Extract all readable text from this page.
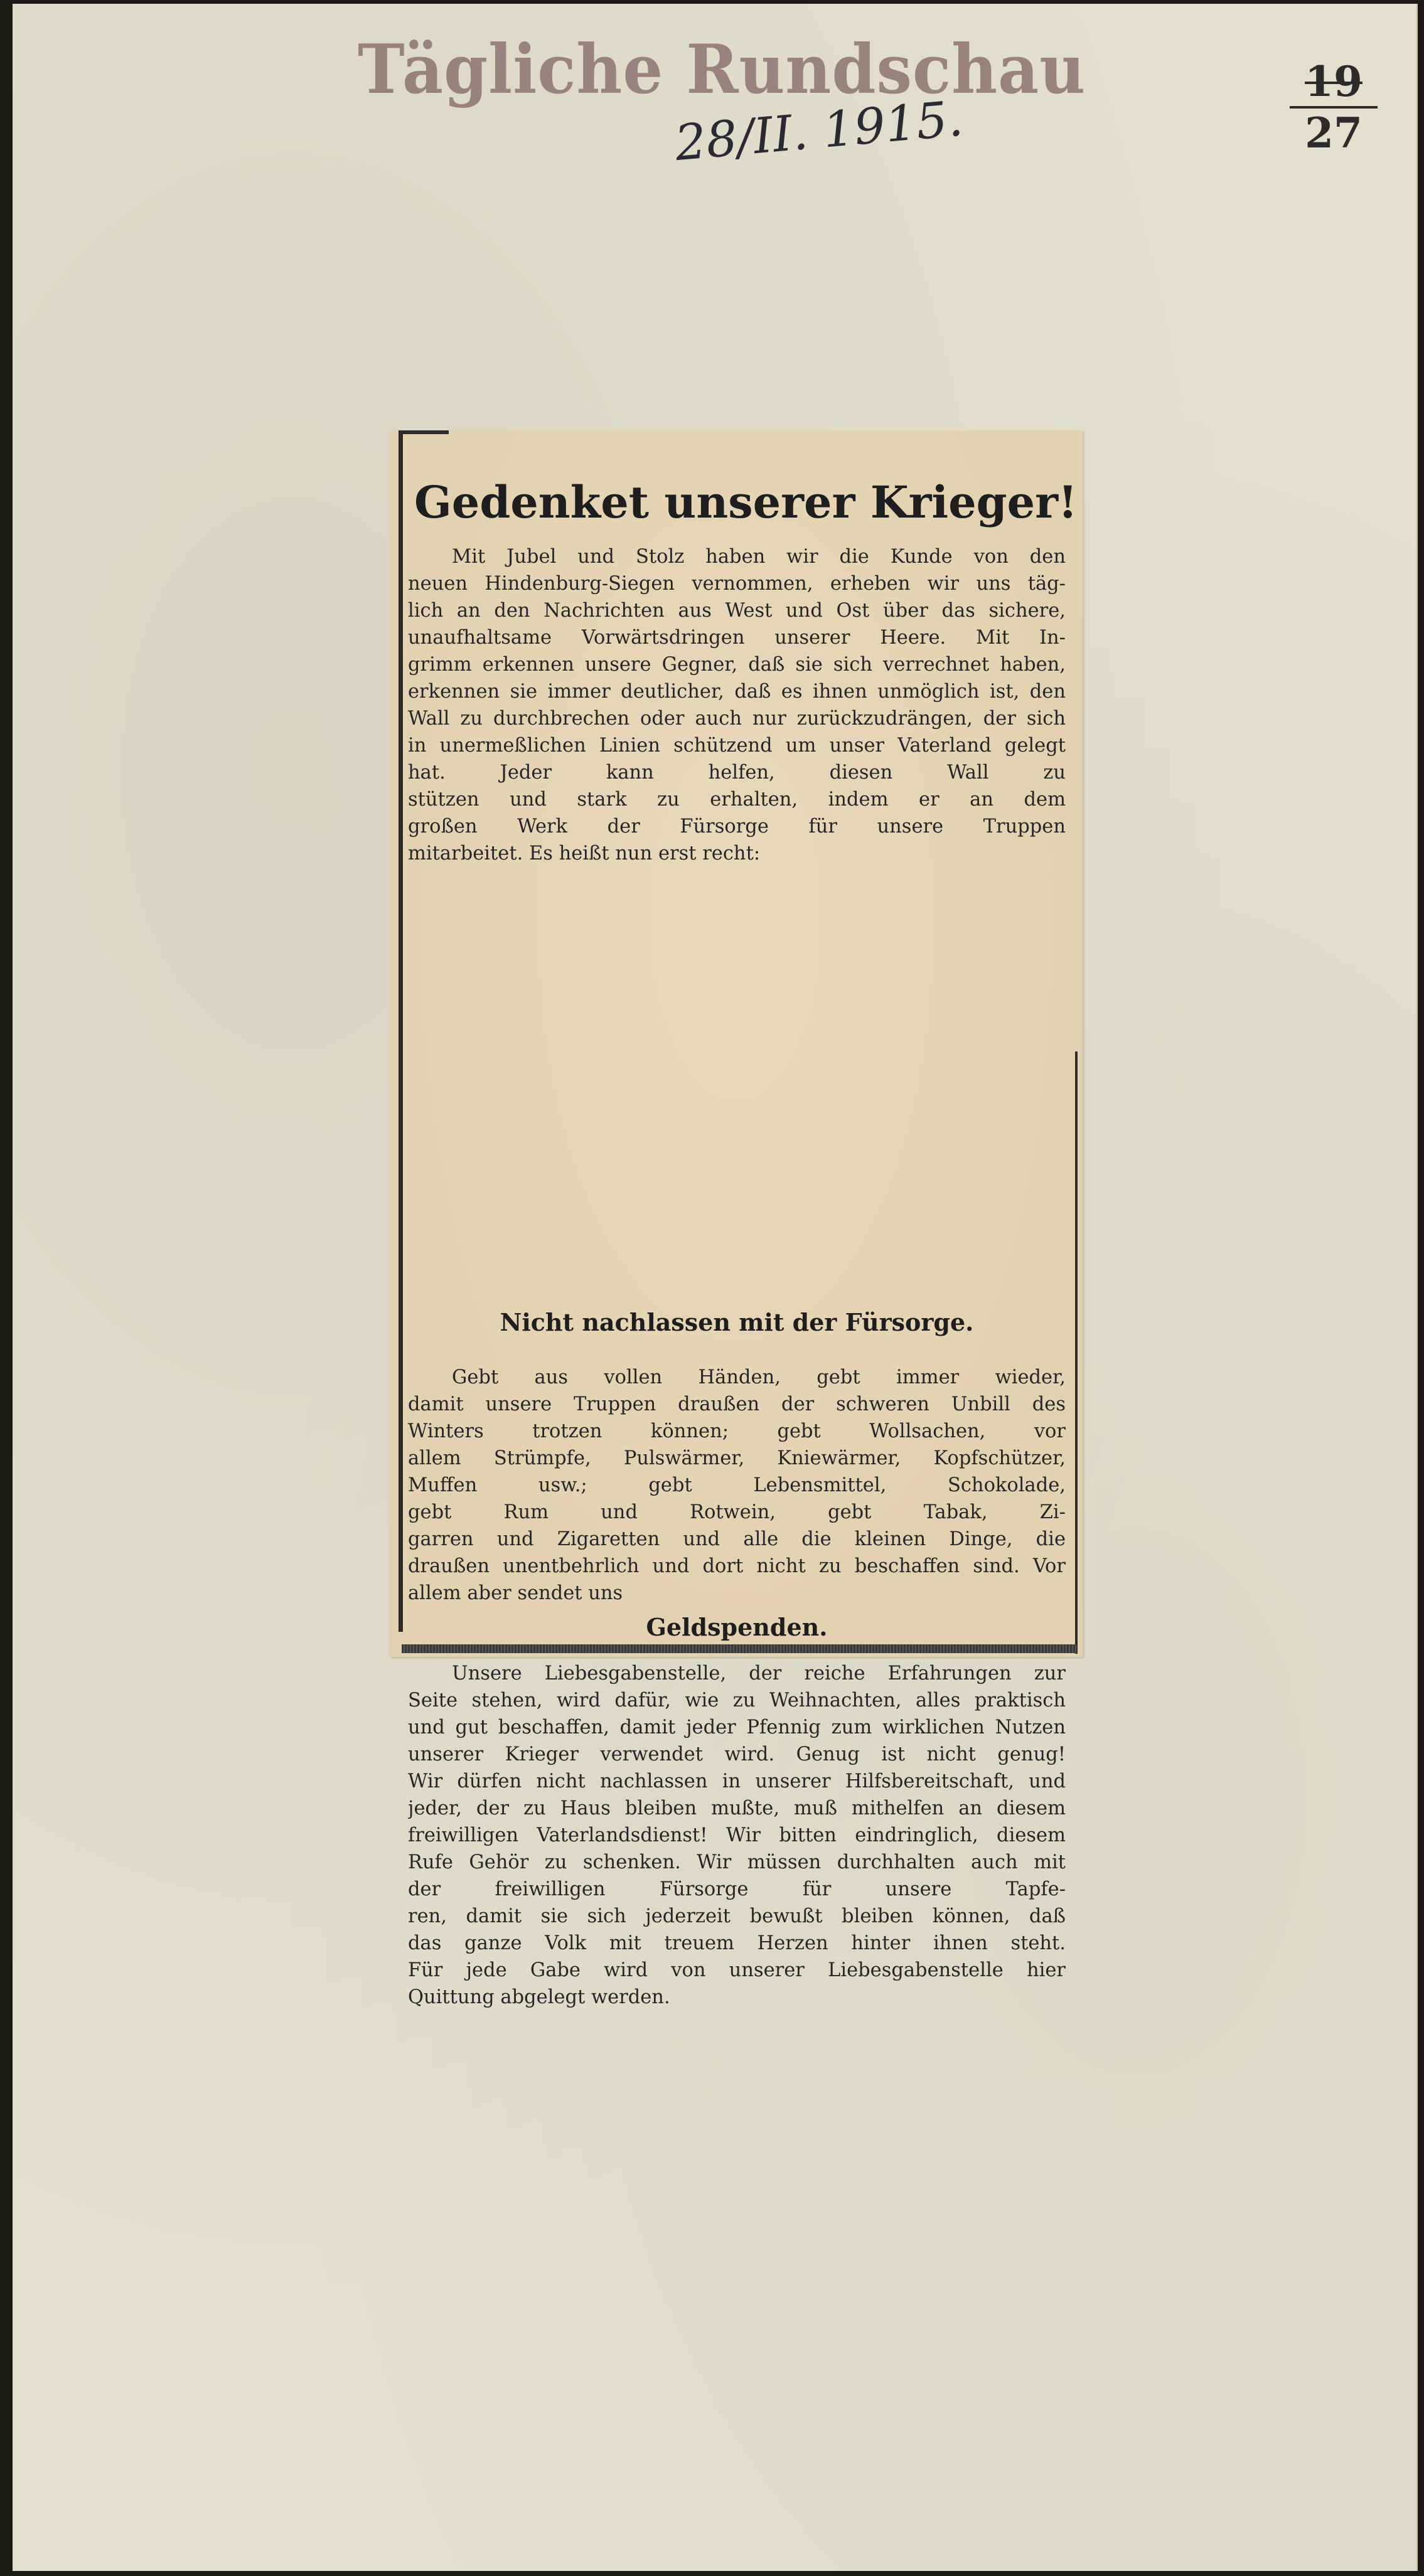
Tägliche Rundschau
28/II. 1915.
19
27
Gedenket unserer Krieger!
Mit Jubel und Stolz haben wir die Kunde von den
neuen Hindenburg-Siegen vernommen, erheben wir uns täg-
lich an den Nachrichten aus West und Ost über das sichere,
unaufhaltsame Vorwärtsdringen unserer Heere. Mit In-
grimm erkennen unsere Gegner, daß sie sich verrechnet haben,
erkennen sie immer deutlicher, daß es ihnen unmöglich ist, den
Wall zu durchbrechen oder auch nur zurückzudrängen, der sich
in unermeßlichen Linien schützend um unser Vaterland gelegt
hat. Jeder kann helfen, diesen Wall zu
stützen und stark zu erhalten, indem er an dem
großen Werk der Fürsorge für unsere Truppen
mitarbeitet. Es heißt nun erst recht:
Nicht nachlassen mit der Fürsorge.
Gebt aus vollen Händen, gebt immer wieder,
damit unsere Truppen draußen der schweren Unbill des
Winters trotzen können; gebt Wollsachen, vor
allem Strümpfe, Pulswärmer, Kniewärmer, Kopfschützer,
Muffen usw.; gebt Lebensmittel, Schokolade,
gebt Rum und Rotwein, gebt Tabak, Zi-
garren und Zigaretten und alle die kleinen Dinge, die
draußen unentbehrlich und dort nicht zu beschaffen sind. Vor
allem aber sendet uns
Geldspenden.
Unsere Liebesgabenstelle, der reiche Erfahrungen zur
Seite stehen, wird dafür, wie zu Weihnachten, alles praktisch
und gut beschaffen, damit jeder Pfennig zum wirklichen Nutzen
unserer Krieger verwendet wird. Genug ist nicht genug!
Wir dürfen nicht nachlassen in unserer Hilfsbereitschaft, und
jeder, der zu Haus bleiben mußte, muß mithelfen an diesem
freiwilligen Vaterlandsdienst! Wir bitten eindringlich, diesem
Rufe Gehör zu schenken. Wir müssen durchhalten auch mit
der freiwilligen Fürsorge für unsere Tapfe-
ren, damit sie sich jederzeit bewußt bleiben können, daß
das ganze Volk mit treuem Herzen hinter ihnen steht.
Für jede Gabe wird von unserer Liebesgabenstelle hier
Quittung abgelegt werden.
